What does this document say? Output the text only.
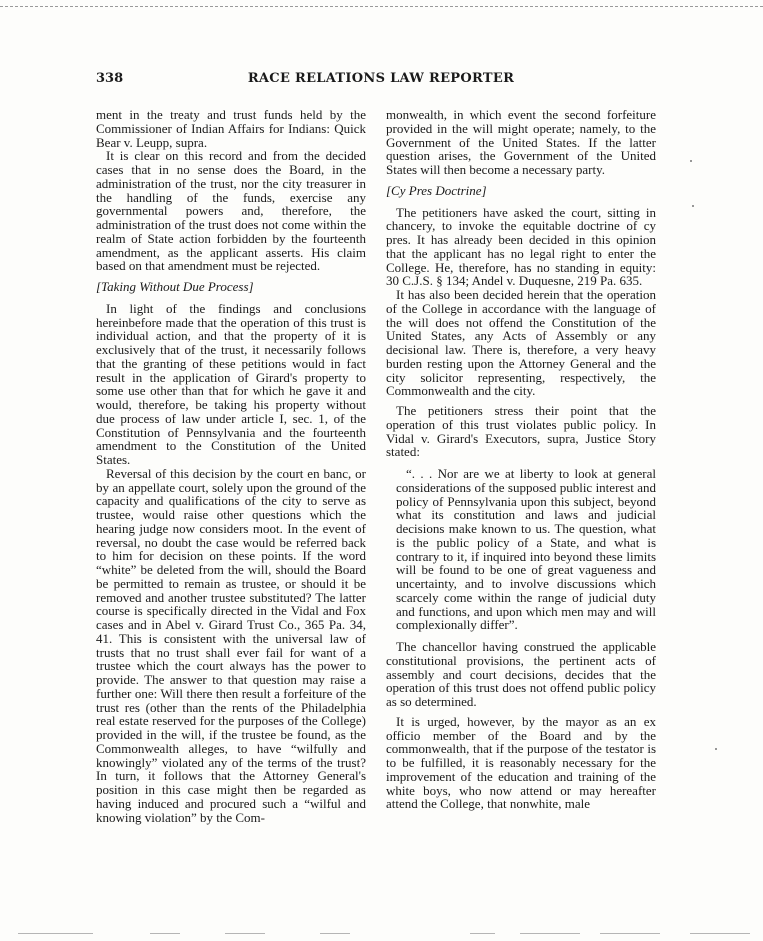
338	RACE RELATIONS LAW REPORTER

ment in the treaty and trust funds held by the Commissioner of Indian Affairs for Indians: Quick Bear v. Leupp, supra.

It is clear on this record and from the decided cases that in no sense does the Board, in the administration of the trust, nor the city treasurer in the handling of the funds, exercise any governmental powers and, therefore, the administration of the trust does not come within the realm of State action forbidden by the fourteenth amendment, as the applicant asserts. His claim based on that amendment must be rejected.

[Taking Without Due Process]

In light of the findings and conclusions hereinbefore made that the operation of this trust is individual action, and that the property of it is exclusively that of the trust, it necessarily follows that the granting of these petitions would in fact result in the application of Girard's property to some use other than that for which he gave it and would, therefore, be taking his property without due process of law under article I, sec. 1, of the Constitution of Pennsylvania and the fourteenth amendment to the Constitution of the United States.

Reversal of this decision by the court en banc, or by an appellate court, solely upon the ground of the capacity and qualifications of the city to serve as trustee, would raise other questions which the hearing judge now considers moot. In the event of reversal, no doubt the case would be referred back to him for decision on these points. If the word “white” be deleted from the will, should the Board be permitted to remain as trustee, or should it be removed and another trustee substituted? The latter course is specifically directed in the Vidal and Fox cases and in Abel v. Girard Trust Co., 365 Pa. 34, 41. This is consistent with the universal law of trusts that no trust shall ever fail for want of a trustee which the court always has the power to provide. The answer to that question may raise a further one: Will there then result a forfeiture of the trust res (other than the rents of the Philadelphia real estate reserved for the purposes of the College) provided in the will, if the trustee be found, as the Commonwealth alleges, to have “wilfully and knowingly” violated any of the terms of the trust? In turn, it follows that the Attorney General's position in this case might then be regarded as having induced and procured such a “wilful and knowing violation” by the Com-

monwealth, in which event the second forfeiture provided in the will might operate; namely, to the Government of the United States. If the latter question arises, the Government of the United States will then become a necessary party.

[Cy Pres Doctrine]

The petitioners have asked the court, sitting in chancery, to invoke the equitable doctrine of cy pres. It has already been decided in this opinion that the applicant has no legal right to enter the College. He, therefore, has no standing in equity: 30 C.J.S. § 134; Andel v. Duquesne, 219 Pa. 635.

It has also been decided herein that the operation of the College in accordance with the language of the will does not offend the Constitution of the United States, any Acts of Assembly or any decisional law. There is, therefore, a very heavy burden resting upon the Attorney General and the city solicitor representing, respectively, the Commonwealth and the city.

The petitioners stress their point that the operation of this trust violates public policy. In Vidal v. Girard's Executors, supra, Justice Story stated:

“. . . Nor are we at liberty to look at general considerations of the supposed public interest and policy of Pennsylvania upon this subject, beyond what its constitution and laws and judicial decisions make known to us. The question, what is the public policy of a State, and what is contrary to it, if inquired into beyond these limits will be found to be one of great vagueness and uncertainty, and to involve discussions which scarcely come within the range of judicial duty and functions, and upon which men may and will complexionally differ”.

The chancellor having construed the applicable constitutional provisions, the pertinent acts of assembly and court decisions, decides that the operation of this trust does not offend public policy as so determined.

It is urged, however, by the mayor as an ex officio member of the Board and by the commonwealth, that if the purpose of the testator is to be fulfilled, it is reasonably necessary for the improvement of the education and training of the white boys, who now attend or may hereafter attend the College, that nonwhite, male
